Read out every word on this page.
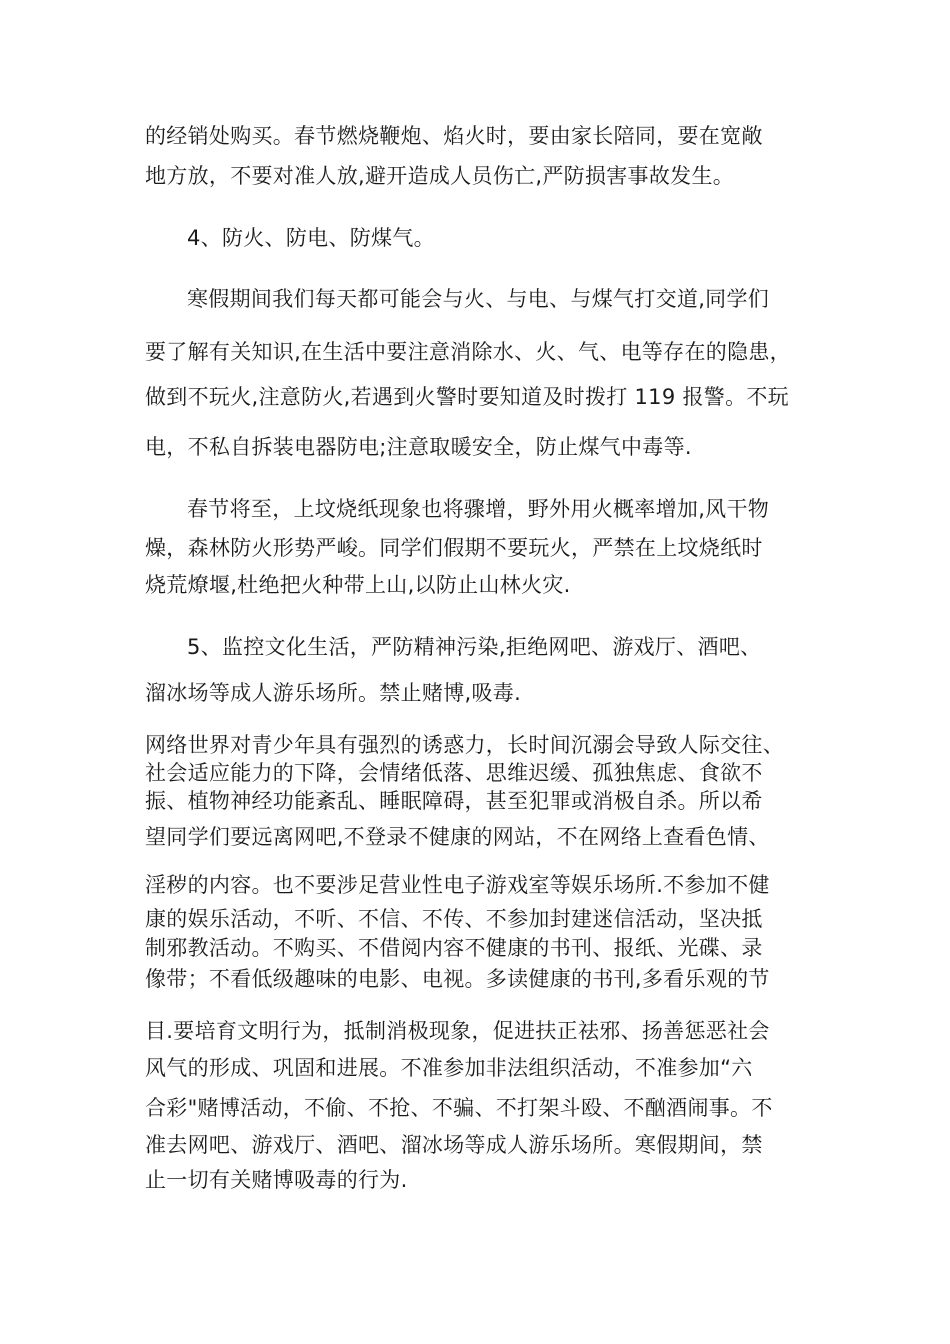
的经销处购买。春节燃烧鞭炮、焰火时，要由家长陪同，要在宽敞
地方放，不要对准人放,避开造成人员伤亡,严防损害事故发生。
4、防火、防电、防煤气。
寒假期间我们每天都可能会与火、与电、与煤气打交道,同学们
要了解有关知识,在生活中要注意消除水、火、气、电等存在的隐患，
做到不玩火,注意防火,若遇到火警时要知道及时拨打 119 报警。不玩
电，不私自拆装电器防电;注意取暖安全，防止煤气中毒等.
春节将至，上坟烧纸现象也将骤增，野外用火概率增加,风干物
燥，森林防火形势严峻。同学们假期不要玩火，严禁在上坟烧纸时
烧荒燎堰,杜绝把火种带上山,以防止山林火灾.
5、监控文化生活，严防精神污染,拒绝网吧、游戏厅、酒吧、
溜冰场等成人游乐场所。禁止赌博,吸毒.
网络世界对青少年具有强烈的诱惑力，长时间沉溺会导致人际交往、
社会适应能力的下降，会情绪低落、思维迟缓、孤独焦虑、食欲不
振、植物神经功能紊乱、睡眠障碍，甚至犯罪或消极自杀。所以希
望同学们要远离网吧,不登录不健康的网站，不在网络上查看色情、
淫秽的内容。也不要涉足营业性电子游戏室等娱乐场所.不参加不健
康的娱乐活动，不听、不信、不传、不参加封建迷信活动，坚决抵
制邪教活动。不购买、不借阅内容不健康的书刊、报纸、光碟、录
像带；不看低级趣味的电影、电视。多读健康的书刊,多看乐观的节
目.要培育文明行为，抵制消极现象，促进扶正祛邪、扬善惩恶社会
风气的形成、巩固和进展。不准参加非法组织活动，不准参加“六
合彩"赌博活动，不偷、不抢、不骗、不打架斗殴、不酗酒闹事。不
准去网吧、游戏厅、酒吧、溜冰场等成人游乐场所。寒假期间，禁
止一切有关赌博吸毒的行为.
